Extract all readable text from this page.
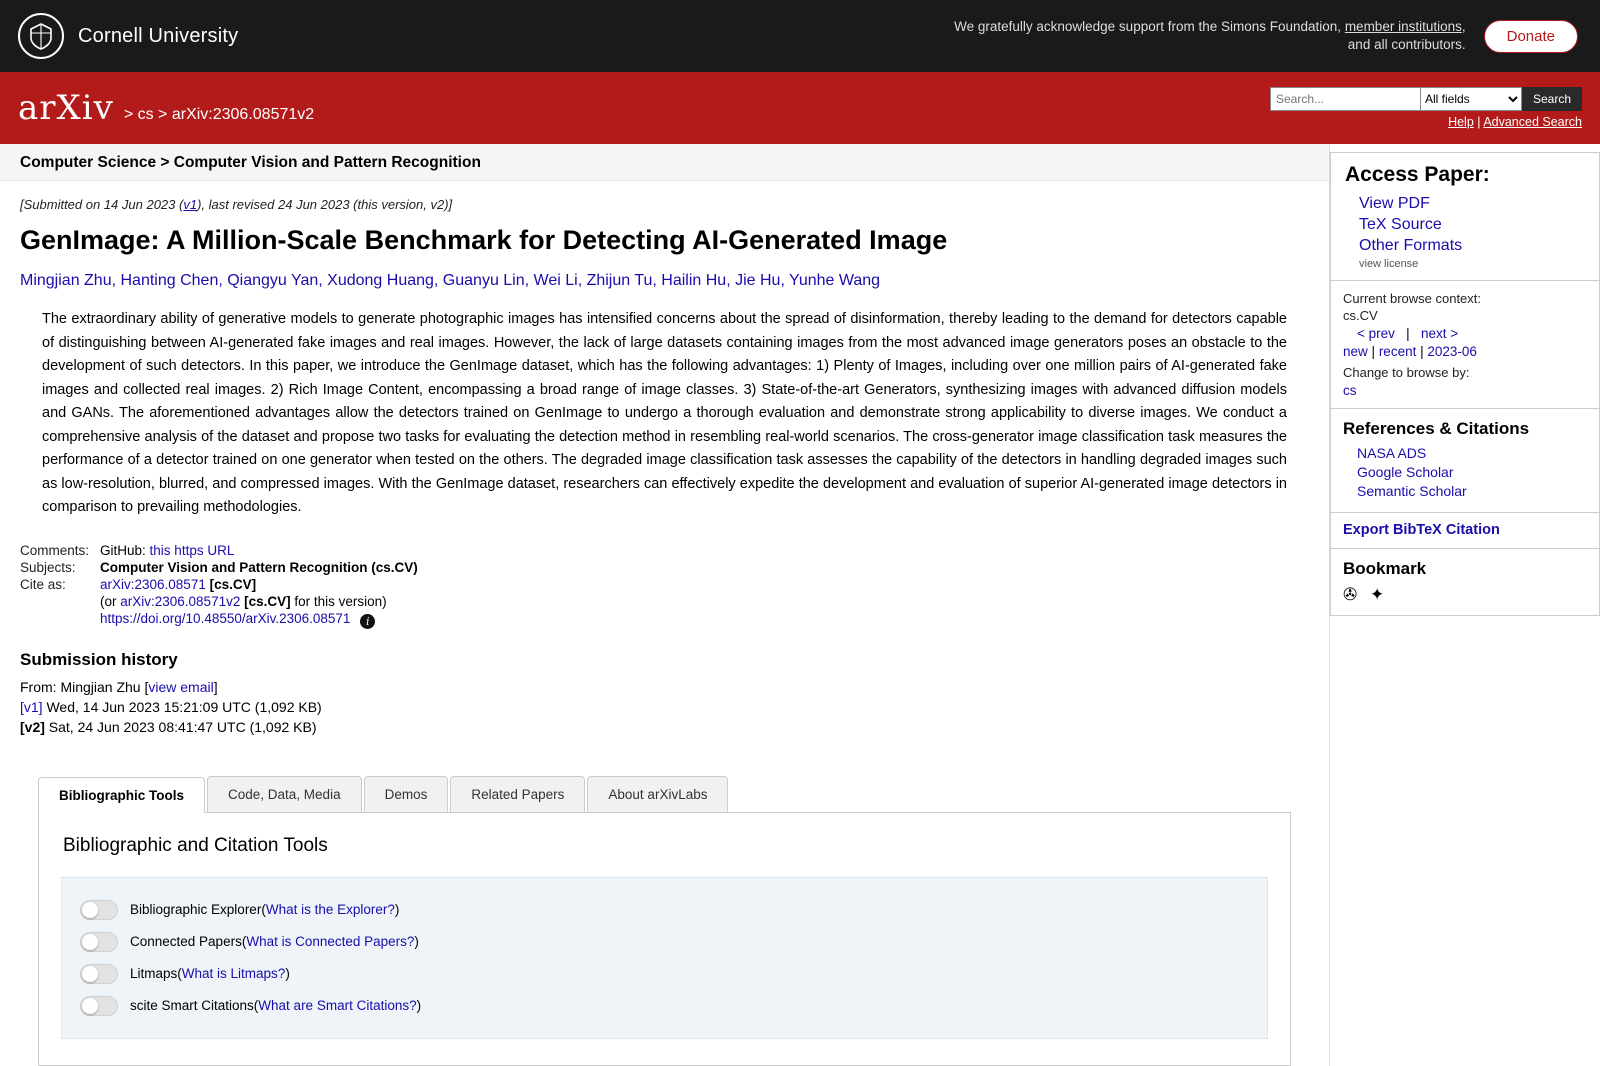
Cornell University	We gratefully acknowledge support from the Simons Foundation, member institutions, and all contributors.	Donate
arXiv > cs > arXiv:2306.08571v2
Search...
All fields
Search
Help | Advanced Search
Computer Science > Computer Vision and Pattern Recognition
[Submitted on 14 Jun 2023 (v1), last revised 24 Jun 2023 (this version, v2)]
GenImage: A Million-Scale Benchmark for Detecting AI-Generated Image
Mingjian Zhu, Hanting Chen, Qiangyu Yan, Xudong Huang, Guanyu Lin, Wei Li, Zhijun Tu, Hailin Hu, Jie Hu, Yunhe Wang
The extraordinary ability of generative models to generate photographic images has intensified concerns about the spread of disinformation, thereby leading to the demand for detectors capable of distinguishing between AI-generated fake images and real images. However, the lack of large datasets containing images from the most advanced image generators poses an obstacle to the development of such detectors. In this paper, we introduce the GenImage dataset, which has the following advantages: 1) Plenty of Images, including over one million pairs of AI-generated fake images and collected real images. 2) Rich Image Content, encompassing a broad range of image classes. 3) State-of-the-art Generators, synthesizing images with advanced diffusion models and GANs. The aforementioned advantages allow the detectors trained on GenImage to undergo a thorough evaluation and demonstrate strong applicability to diverse images. We conduct a comprehensive analysis of the dataset and propose two tasks for evaluating the detection method in resembling real-world scenarios. The cross-generator image classification task measures the performance of a detector trained on one generator when tested on the others. The degraded image classification task assesses the capability of the detectors in handling degraded images such as low-resolution, blurred, and compressed images. With the GenImage dataset, researchers can effectively expedite the development and evaluation of superior AI-generated image detectors in comparison to prevailing methodologies.
Comments:	GitHub: this https URL
Subjects:	Computer Vision and Pattern Recognition (cs.CV)
Cite as:	arXiv:2306.08571 [cs.CV]
	(or arXiv:2306.08571v2 [cs.CV] for this version)
	https://doi.org/10.48550/arXiv.2306.08571 i
Submission history
From: Mingjian Zhu [view email]
[v1] Wed, 14 Jun 2023 15:21:09 UTC (1,092 KB)
[v2] Sat, 24 Jun 2023 08:41:47 UTC (1,092 KB)
Bibliographic Tools	Code, Data, Media	Demos	Related Papers	About arXivLabs
Bibliographic and Citation Tools
Bibliographic Explorer(What is the Explorer?)
Connected Papers(What is Connected Papers?)
Litmaps(What is Litmaps?)
scite Smart Citations(What are Smart Citations?)
Access Paper:
View PDF
TeX Source
Other Formats
view license
Current browse context:
cs.CV
< prev | next >
new | recent | 2023-06
Change to browse by:
cs
References & Citations
NASA ADS
Google Scholar
Semantic Scholar
Export BibTeX Citation
Bookmark
✇ ✦
